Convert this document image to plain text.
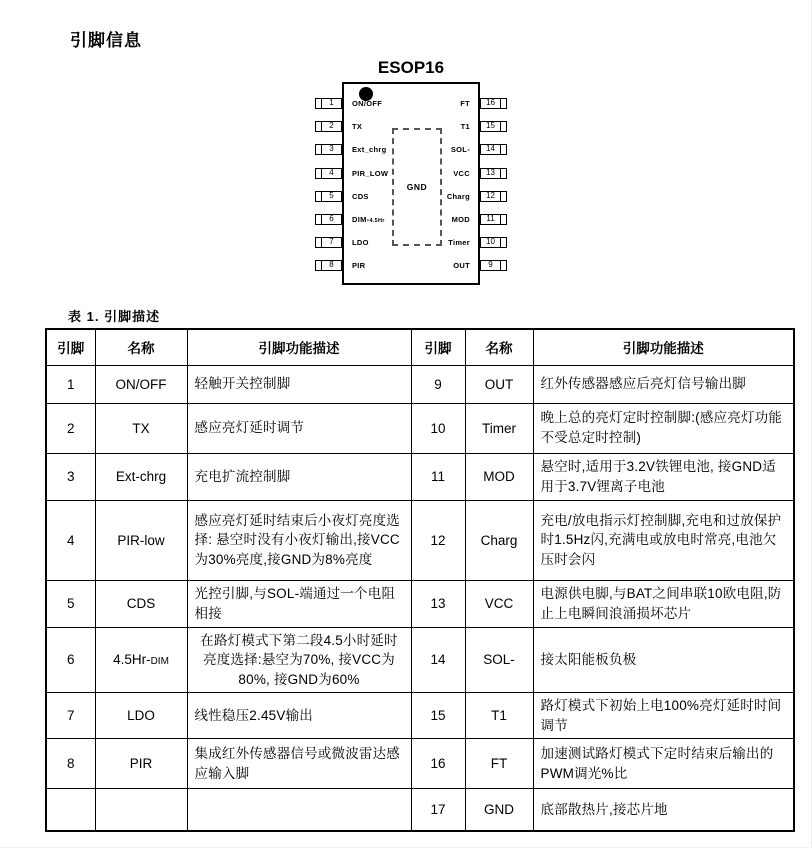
引脚信息
ESOP16
GND
1
2
3
4
5
6
7
8
16
15
14
13
12
11
10
9
ON/OFF
TX
Ext_chrg
PIR_LOW
CDS
DIM-4.5Hr
LDO
PIR
FT
T1
SOL-
VCC
Charg
MOD
Timer
OUT
表 1. 引脚描述
引脚	名称	引脚功能描述	引脚	名称	引脚功能描述
1	ON/OFF	轻触开关控制脚	9	OUT	红外传感器感应后亮灯信号输出脚
2	TX	感应亮灯延时调节	10	Timer	晚上总的亮灯定时控制脚:(感应亮灯功能不受总定时控制)
3	Ext-chrg	充电扩流控制脚	11	MOD	悬空时,适用于3.2V铁锂电池, 接GND适用于3.7V锂离子电池
4	PIR-low	感应亮灯延时结束后小夜灯亮度选择: 悬空时没有小夜灯输出,接VCC为30%亮度,接GND为8%亮度	12	Charg	充电/放电指示灯控制脚,充电和过放保护时1.5Hz闪,充满电或放电时常亮,电池欠压时会闪
5	CDS	光控引脚,与SOL-端通过一个电阻相接	13	VCC	电源供电脚,与BAT之间串联10欧电阻,防止上电瞬间浪涌损坏芯片
6	4.5Hr-DIM	在路灯模式下第二段4.5小时延时亮度选择:悬空为70%, 接VCC为80%, 接GND为60%	14	SOL-	接太阳能板负极
7	LDO	线性稳压2.45V输出	15	T1	路灯模式下初始上电100%亮灯延时时间调节
8	PIR	集成红外传感器信号或微波雷达感应输入脚	16	FT	加速测试路灯模式下定时结束后输出的PWM调光%比
			17	GND	底部散热片,接芯片地
